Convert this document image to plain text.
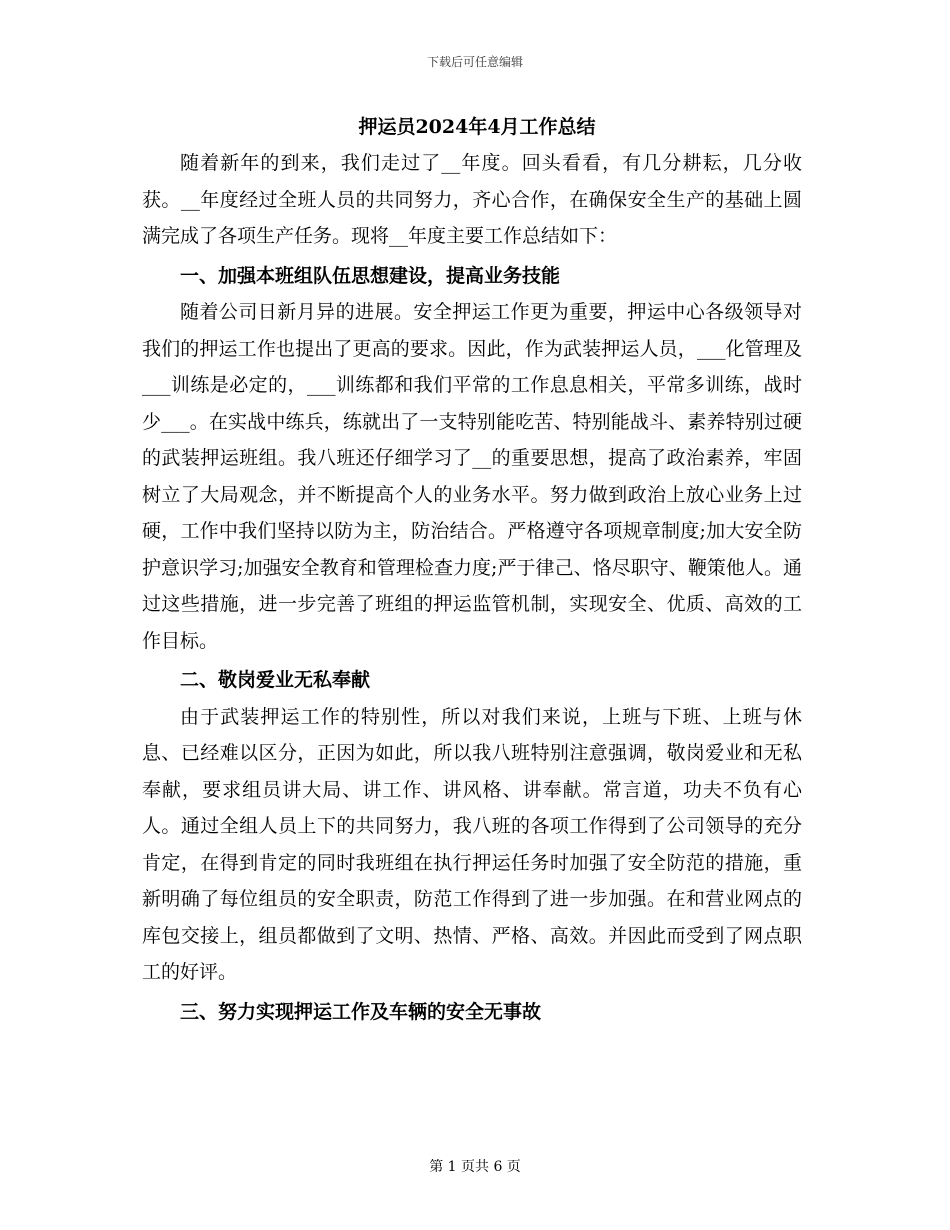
下载后可任意编辑
押运员2024年4月工作总结

随着新年的到来，我们走过了__年度。回头看看，有几分耕耘，几分收获。__年度经过全班人员的共同努力，齐心合作，在确保安全生产的基础上圆满完成了各项生产任务。现将__年度主要工作总结如下：

一、加强本班组队伍思想建设，提高业务技能

随着公司日新月异的进展。安全押运工作更为重要，押运中心各级领导对我们的押运工作也提出了更高的要求。因此，作为武装押运人员，___化管理及___训练是必定的，___训练都和我们平常的工作息息相关，平常多训练，战时少___。在实战中练兵，练就出了一支特别能吃苦、特别能战斗、素养特别过硬的武装押运班组。我八班还仔细学习了__的重要思想，提高了政治素养，牢固树立了大局观念，并不断提高个人的业务水平。努力做到政治上放心业务上过硬，工作中我们坚持以防为主，防治结合。严格遵守各项规章制度;加大安全防护意识学习;加强安全教育和管理检查力度;严于律己、恪尽职守、鞭策他人。通过这些措施，进一步完善了班组的押运监管机制，实现安全、优质、高效的工作目标。

二、敬岗爱业无私奉献

由于武装押运工作的特别性，所以对我们来说，上班与下班、上班与休息、已经难以区分，正因为如此，所以我八班特别注意强调，敬岗爱业和无私奉献，要求组员讲大局、讲工作、讲风格、讲奉献。常言道，功夫不负有心人。通过全组人员上下的共同努力，我八班的各项工作得到了公司领导的充分肯定，在得到肯定的同时我班组在执行押运任务时加强了安全防范的措施，重新明确了每位组员的安全职责，防范工作得到了进一步加强。在和营业网点的库包交接上，组员都做到了文明、热情、严格、高效。并因此而受到了网点职工的好评。

三、努力实现押运工作及车辆的安全无事故
第 1 页共 6 页
